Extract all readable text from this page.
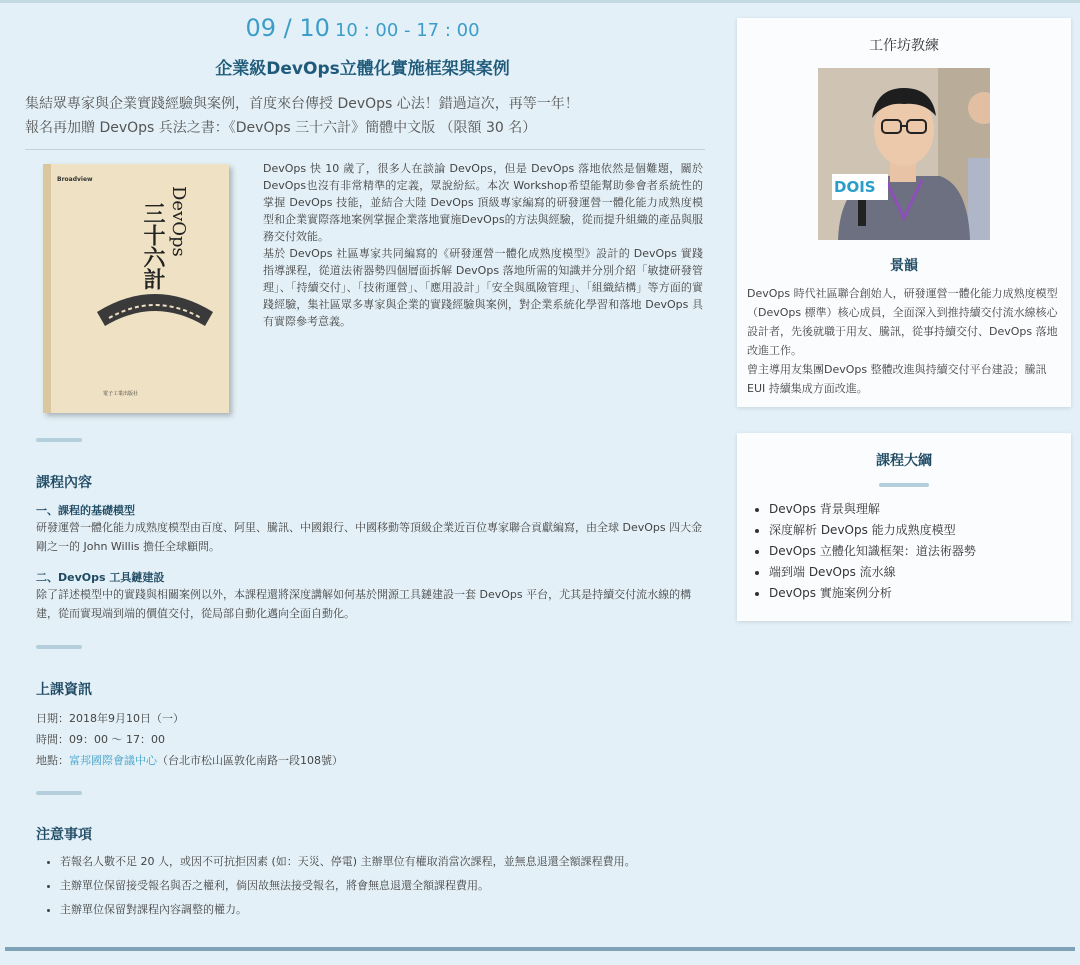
09 / 10 10 : 00 - 17 : 00
企業級DevOps立體化實施框架與案例
集結眾專家與企業實踐經驗與案例，首度來台傳授 DevOps 心法！錯過這次，再等一年！
報名再加贈 DevOps 兵法之書：《DevOps 三十六計》簡體中文版 （限額 30 名）
Broadview
DevOps
三十六計
電子工業出版社

DevOps 快 10 歲了，很多人在談論 DevOps，但是 DevOps 落地依然是個難題，關於 DevOps也沒有非常精準的定義，眾說紛紜。本次 Workshop希望能幫助參會者系統性的掌握 DevOps 技能，並結合大陸 DevOps 頂級專家編寫的研發運營一體化能力成熟度模型和企業實際落地案例掌握企業落地實施DevOps的方法與經驗，從而提升組織的產品與服務交付效能。

基於 DevOps 社區專家共同編寫的《研發運營一體化成熟度模型》設計的 DevOps 實踐指導課程，從道法術器勢四個層面拆解 DevOps 落地所需的知識并分別介紹「敏捷研發管理」、「持續交付」、「技術運營」、「應用設計」「安全與風險管理」、「組織結構」等方面的實踐經驗，集社區眾多專家與企業的實踐經驗與案例，對企業系統化學習和落地 DevOps 具有實際參考意義。

課程內容
一、課程的基礎模型
研發運營一體化能力成熟度模型由百度、阿里、騰訊、中國銀行、中國移動等頂級企業近百位專家聯合貢獻編寫，由全球 DevOps 四大金剛之一的 John Willis 擔任全球顧問。
二、DevOps 工具鏈建設
除了詳述模型中的實踐與相關案例以外，本課程還將深度講解如何基於開源工具鏈建設一套 DevOps 平台，尤其是持續交付流水線的構建，從而實現端到端的價值交付，從局部自動化邁向全面自動化。
上課資訊
日期：2018年9月10日（一）
時間：09：00 ～ 17：00
地點：富邦國際會議中心（台北市松山區敦化南路一段108號）
注意事項
• 若報名人數不足 20 人，或因不可抗拒因素 (如：天災、停電) 主辦單位有權取消當次課程，並無息退還全額課程費用。
• 主辦單位保留接受報名與否之權利，倘因故無法接受報名，將會無息退還全額課程費用。
• 主辦單位保留對課程內容調整的權力。
工作坊教練
DOIS
景韻

DevOps 時代社區聯合創始人，研發運營一體化能力成熟度模型（DevOps 標準）核心成員，全面深入到推持續交付流水線核心設計者，先後就職于用友、騰訊，從事持續交付、DevOps 落地改進工作。

曾主導用友集團DevOps 整體改進與持續交付平台建設；騰訊 EUI 持續集成方面改進。

課程大綱
• DevOps 背景與理解
• 深度解析 DevOps 能力成熟度模型
• DevOps 立體化知識框架：道法術器勢
• 端到端 DevOps 流水線
• DevOps 實施案例分析
